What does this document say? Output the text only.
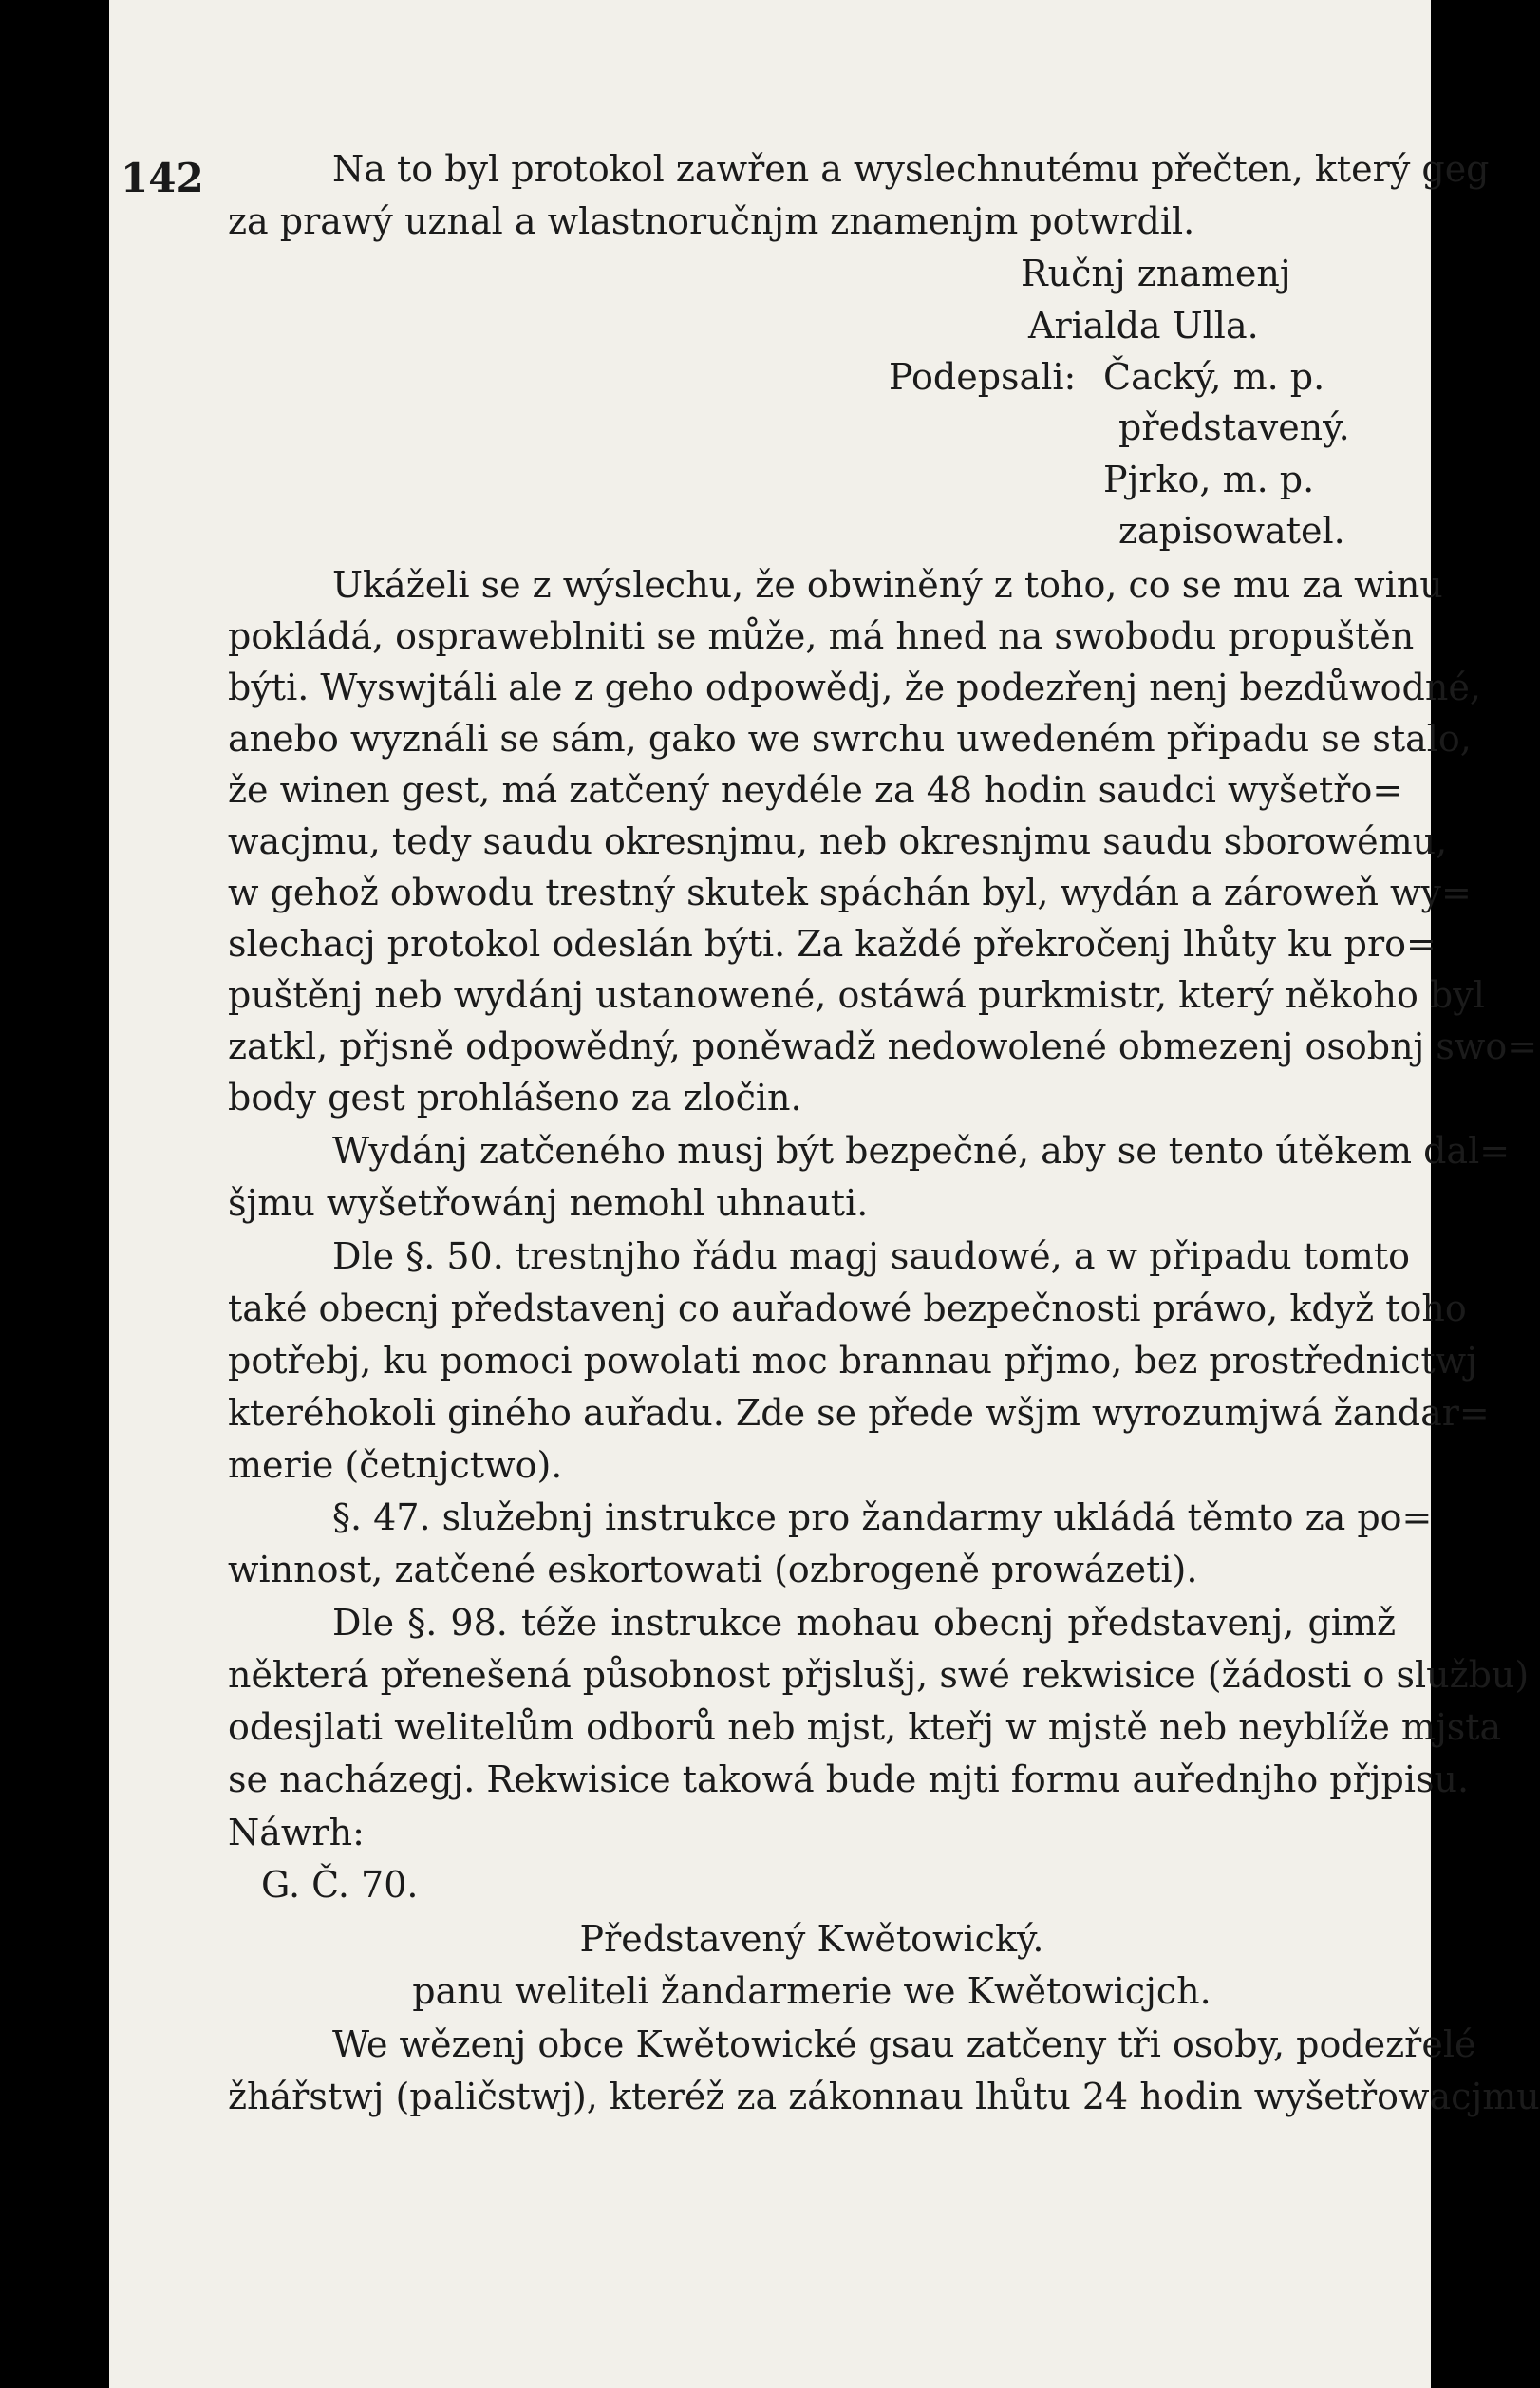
142	Na to byl protokol zawřen a wyslechnutému přečten, který geg
za prawý uznal a wlastnoručnjm znamenjm potwrdil.
Ručnj znamenj
Arialda Ulla.
Podepsali: Čacký, m. p.
představený.
Pjrko, m. p.
zapisowatel.
Ukáželi se z wýslechu, že obwiněný z toho, co se mu za winu
pokládá, ospraweblniti se může, má hned na swobodu propuštěn
býti. Wyswjtáli ale z geho odpowědj, že podezřenj nenj bezdůwodné,
anebo wyználi se sám, gako we swrchu uwedeném připadu se stalo,
že winen gest, má zatčený neydéle za 48 hodin saudci wyšetřo=
wacjmu, tedy saudu okresnjmu, neb okresnjmu saudu sborowému,
w gehož obwodu trestný skutek spáchán byl, wydán a zároweň wy=
slechacj protokol odeslán býti. Za každé překročenj lhůty ku pro=
puštěnj neb wydánj ustanowené, ostáwá purkmistr, který někoho byl
zatkl, přjsně odpowědný, poněwadž nedowolené obmezenj osobnj swo=
body gest prohlášeno za zločin.
Wydánj zatčeného musj být bezpečné, aby se tento útěkem dal=
šjmu wyšetřowánj nemohl uhnauti.
Dle §. 50. trestnjho řádu magj saudowé, a w připadu tomto
také obecnj představenj co auřadowé bezpečnosti práwo, když toho
potřebj, ku pomoci powolati moc brannau přjmo, bez prostřednictwj
kteréhokoli giného auřadu. Zde se přede wšjm wyrozumjwá žandar=
merie (četnjctwo).
§. 47. služebnj instrukce pro žandarmy ukládá těmto za po=
winnost, zatčené eskortowati (ozbrogeně prowázeti).
Dle §. 98. téže instrukce mohau obecnj představenj, gimž
některá přenešená působnost přjslušj, swé rekwisice (žádosti o službu)
odesjlati welitelům odborů neb mjst, kteřj w mjstě neb neyblíže mjsta
se nacházegj. Rekwisice takowá bude mjti formu auřednjho přjpisu.
Náwrh:
G. Č. 70.
Představený Kwětowický.
panu weliteli žandarmerie we Kwětowicjch.
We wězenj obce Kwětowické gsau zatčeny tři osoby, podezřelé
žhářstwj (paličstwj), kteréž za zákonnau lhůtu 24 hodin wyšetřowacjmu
